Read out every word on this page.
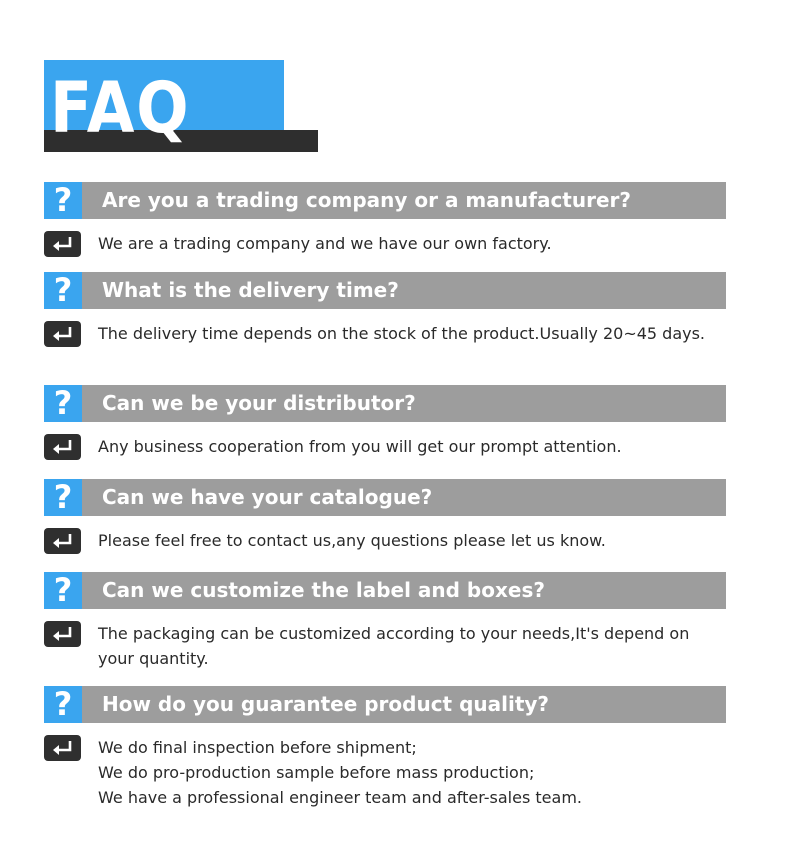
FAQ
?	Are you a trading company or a manufacturer?
We are a trading company and we have our own factory.
?	What is the delivery time?
The delivery time depends on the stock of the product.Usually 20~45 days.
?	Can we be your distributor?
Any business cooperation from you will get our prompt attention.
?	Can we have your catalogue?
Please feel free to contact us,any questions please let us know.
?	Can we customize the label and boxes?
The packaging can be customized according to your needs,It's depend on your quantity.
?	How do you guarantee product quality?
We do final inspection before shipment;
We do pro-production sample before mass production;
We have a professional engineer team and after-sales team.
